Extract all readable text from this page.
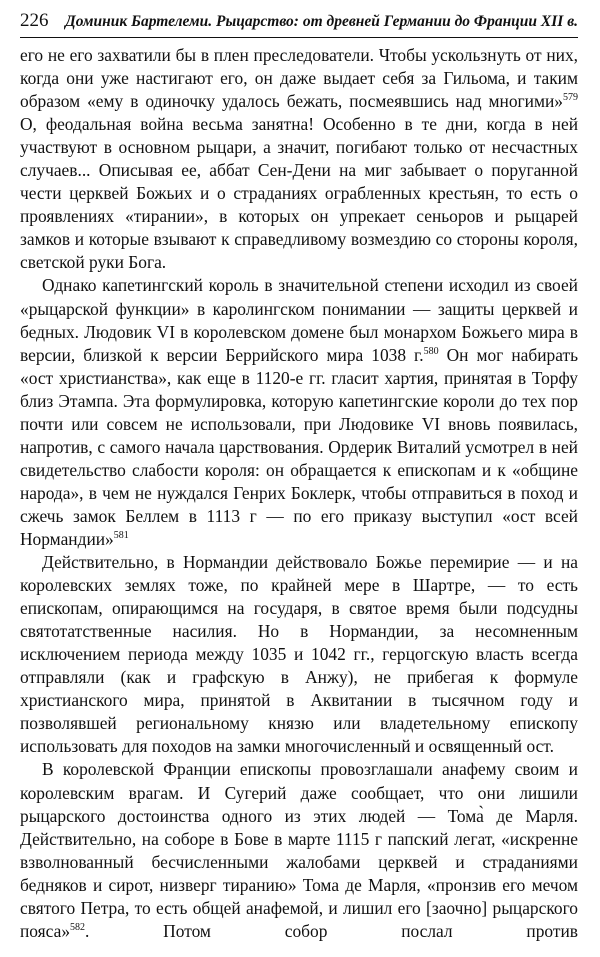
226 Доминик Бартелеми. Рыцарство: от древней Германии до Франции XII в.

его не его захватили бы в плен преследователи. Чтобы ускользнуть от них, когда они уже настигают его, он даже выдает себя за Гильома, и таким образом «ему в одиночку удалось бежать, посмеявшись над многими»$^{579}$ О, феодальная война весьма занятна! Особенно в те дни, когда в ней участвуют в основном рыцари, а значит, погибают только от несчастных случаев... Описывая ее, аббат Сен-Дени на миг забывает о поруганной чести церквей Божьих и о страданиях ограбленных крестьян, то есть о проявлениях «тирании», в которых он упрекает сеньоров и рыцарей замков и которые взывают к справедливому возмездию со стороны короля, светской руки Бога.

Однако капетингский король в значительной степени исходил из своей «рыцарской функции» в каролингском понимании — защиты церквей и бедных. Людовик VI в королевском домене был монархом Божьего мира в версии, близкой к версии Беррийского мира 1038 г.$^{580}$ Он мог набирать «ост христианства», как еще в 1120-е гг. гласит хартия, принятая в Торфу близ Этампа. Эта формулировка, которую капетингские короли до тех пор почти или совсем не использовали, при Людовике VI вновь появилась, напротив, с самого начала царствования. Ордерик Виталий усмотрел в ней свидетельство слабости короля: он обращается к епископам и к «общине народа», в чем не нуждался Генрих Боклерк, чтобы отправиться в поход и сжечь замок Беллем в 1113 г — по его приказу выступил «ост всей Нормандии»$^{581}$

Действительно, в Нормандии действовало Божье перемирие — и на королевских землях тоже, по крайней мере в Шартре, — то есть епископам, опирающимся на государя, в святое время были подсудны святотатственные насилия. Но в Нормандии, за несомненным исключением периода между 1035 и 1042 гг., герцогскую власть всегда отправляли (как и графскую в Анжу), не прибегая к формуле христианского мира, принятой в Аквитании в тысячном году и позволявшей региональному князю или владетельному епископу использовать для походов на замки многочисленный и освященный ост.

В королевской Франции епископы провозглашали анафему своим и королевским врагам. И Сугерий даже сообщает, что они лишили рыцарского достоинства одного из этих людей — Тома̀ де Марля. Действительно, на соборе в Бове в марте 1115 г папский легат, «искренне взволнованный бесчисленными жалобами церквей и страданиями бедняков и сирот, низверг тиранию» Тома де Марля, «пронзив его мечом святого Петра, то есть общей анафемой, и лишил его [заочно] рыцарского пояса»$^{582}$. Потом собор послал против
